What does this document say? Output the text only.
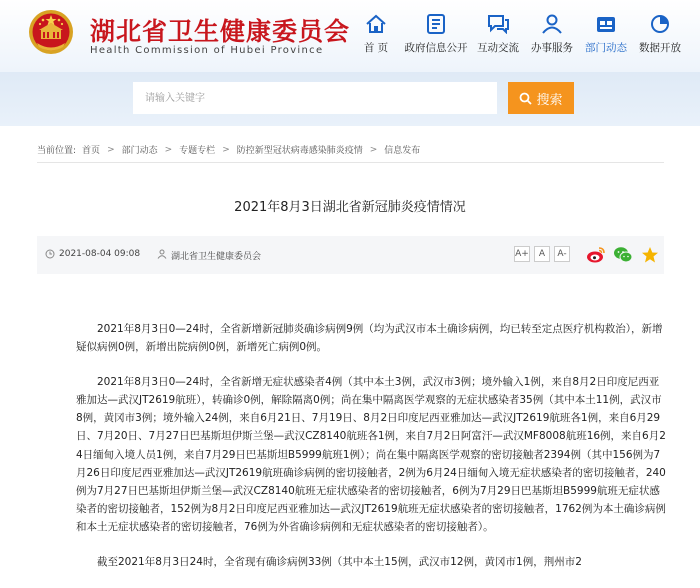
湖北省卫生健康委员会
Health Commission of Hubei Province	首 页	政府信息公开 互动交流	办事服务	部门动态	数据开放
请输入关键字
搜索
当前位置: 首页 > 部门动态 > 专题专栏 > 防控新型冠状病毒感染肺炎疫情 > 信息发布
2021年8月3日湖北省新冠肺炎疫情情况
2021-08-04 09:08	湖北省卫生健康委员会	A+ A A-

2021年8月3日0—24时，全省新增新冠肺炎确诊病例9例（均为武汉市本土确诊病例，均已转至定点医疗机构救治），新增疑似病例0例，新增出院病例0例，新增死亡病例0例。

2021年8月3日0—24时，全省新增无症状感染者4例（其中本土3例，武汉市3例；境外输入1例，来自8月2日印度尼西亚雅加达—武汉JT2619航班），转确诊0例，解除隔离0例；尚在集中隔离医学观察的无症状感染者35例（其中本土11例，武汉市8例，黄冈市3例；境外输入24例，来自6月21日、7月19日、8月2日印度尼西亚雅加达—武汉JT2619航班各1例，来自6月29日、7月20日、7月27日巴基斯坦伊斯兰堡—武汉CZ8140航班各1例，来自7月2日阿富汗—武汉MF8008航班16例，来自6月24日缅甸入境人员1例，来自7月29日巴基斯坦B5999航班1例）；尚在集中隔离医学观察的密切接触者2394例（其中156例为7月26日印度尼西亚雅加达—武汉JT2619航班确诊病例的密切接触者，2例为6月24日缅甸入境无症状感染者的密切接触者，240例为7月27日巴基斯坦伊斯兰堡—武汉CZ8140航班无症状感染者的密切接触者，6例为7月29日巴基斯坦B5999航班无症状感染者的密切接触者，152例为8月2日印度尼西亚雅加达—武汉JT2619航班无症状感染者的密切接触者，1762例为本土确诊病例和本土无症状感染者的密切接触者，76例为外省确诊病例和无症状感染者的密切接触者）。

截至2021年8月3日24时，全省现有确诊病例33例（其中本土15例，武汉市12例，黄冈市1例，荆州市2
